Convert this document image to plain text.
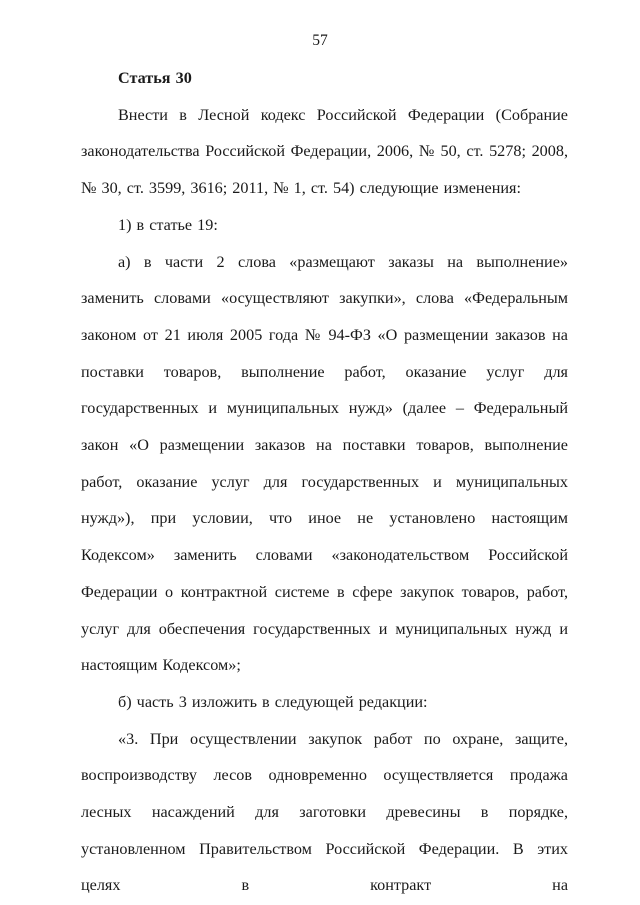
57

Статья 30

Внести в Лесной кодекс Российской Федерации (Собрание законодательства Российской Федерации, 2006, № 50, ст. 5278; 2008, № 30, ст. 3599, 3616; 2011, № 1, ст. 54) следующие изменения:

1) в статье 19:

а) в части 2 слова «размещают заказы на выполнение» заменить словами «осуществляют закупки», слова «Федеральным законом от 21 июля 2005 года № 94-ФЗ «О размещении заказов на поставки товаров, выполнение работ, оказание услуг для государственных и муниципальных нужд» (далее – Федеральный закон «О размещении заказов на поставки товаров, выполнение работ, оказание услуг для государственных и муниципальных нужд»), при условии, что иное не установлено настоящим Кодексом» заменить словами «законодательством Российской Федерации о контрактной системе в сфере закупок товаров, работ, услуг для обеспечения государственных и муниципальных нужд и настоящим Кодексом»;

б) часть 3 изложить в следующей редакции:

«3. При осуществлении закупок работ по охране, защите, воспроизводству лесов одновременно осуществляется продажа лесных насаждений для заготовки древесины в порядке, установленном Правительством Российской Федерации. В этих целях в контракт на
